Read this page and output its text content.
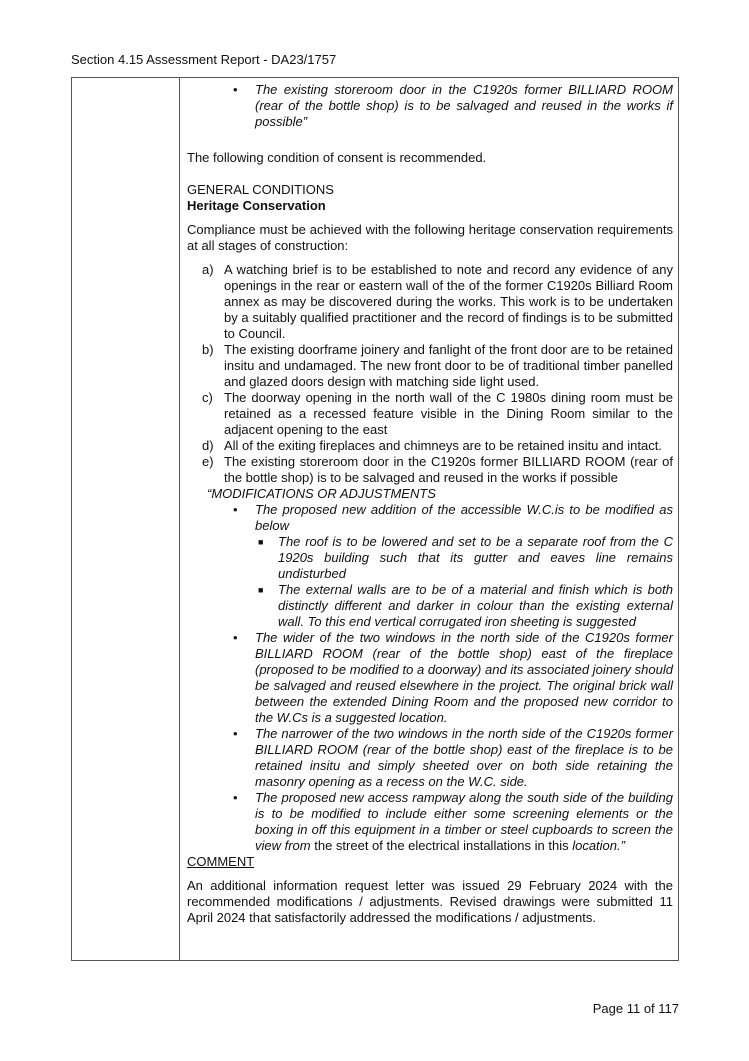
Section 4.15 Assessment Report - DA23/1757
• The existing storeroom door in the C1920s former BILLIARD ROOM (rear of the bottle shop) is to be salvaged and reused in the works if possible”

The following condition of consent is recommended.

GENERAL CONDITIONS

Heritage Conservation

Compliance must be achieved with the following heritage conservation requirements at all stages of construction:

a) A watching brief is to be established to note and record any evidence of any openings in the rear or eastern wall of the of the former C1920s Billiard Room annex as may be discovered during the works. This work is to be undertaken by a suitably qualified practitioner and the record of findings is to be submitted to Council.

b) The existing doorframe joinery and fanlight of the front door are to be retained insitu and undamaged. The new front door to be of traditional timber panelled and glazed doors design with matching side light used.

c) The doorway opening in the north wall of the C 1980s dining room must be retained as a recessed feature visible in the Dining Room similar to the adjacent opening to the east

d) All of the exiting fireplaces and chimneys are to be retained insitu and intact.

e) The existing storeroom door in the C1920s former BILLIARD ROOM (rear of the bottle shop) is to be salvaged and reused in the works if possible

“MODIFICATIONS OR ADJUSTMENTS

• The proposed new addition of the accessible W.C.is to be modified as below

■ The roof is to be lowered and set to be a separate roof from the C 1920s building such that its gutter and eaves line remains undisturbed

■ The external walls are to be of a material and finish which is both distinctly different and darker in colour than the existing external wall. To this end vertical corrugated iron sheeting is suggested

• The wider of the two windows in the north side of the C1920s former BILLIARD ROOM (rear of the bottle shop) east of the fireplace (proposed to be modified to a doorway) and its associated joinery should be salvaged and reused elsewhere in the project. The original brick wall between the extended Dining Room and the proposed new corridor to the W.Cs is a suggested location.

• The narrower of the two windows in the north side of the C1920s former BILLIARD ROOM (rear of the bottle shop) east of the fireplace is to be retained insitu and simply sheeted over on both side retaining the masonry opening as a recess on the W.C. side.

• The proposed new access rampway along the south side of the building is to be modified to include either some screening elements or the boxing in off this equipment in a timber or steel cupboards to screen the view from the street of the electrical installations in this location.”

COMMENT

An additional information request letter was issued 29 February 2024 with the recommended modifications / adjustments. Revised drawings were submitted 11 April 2024 that satisfactorily addressed the modifications / adjustments.

Page 11 of 117
